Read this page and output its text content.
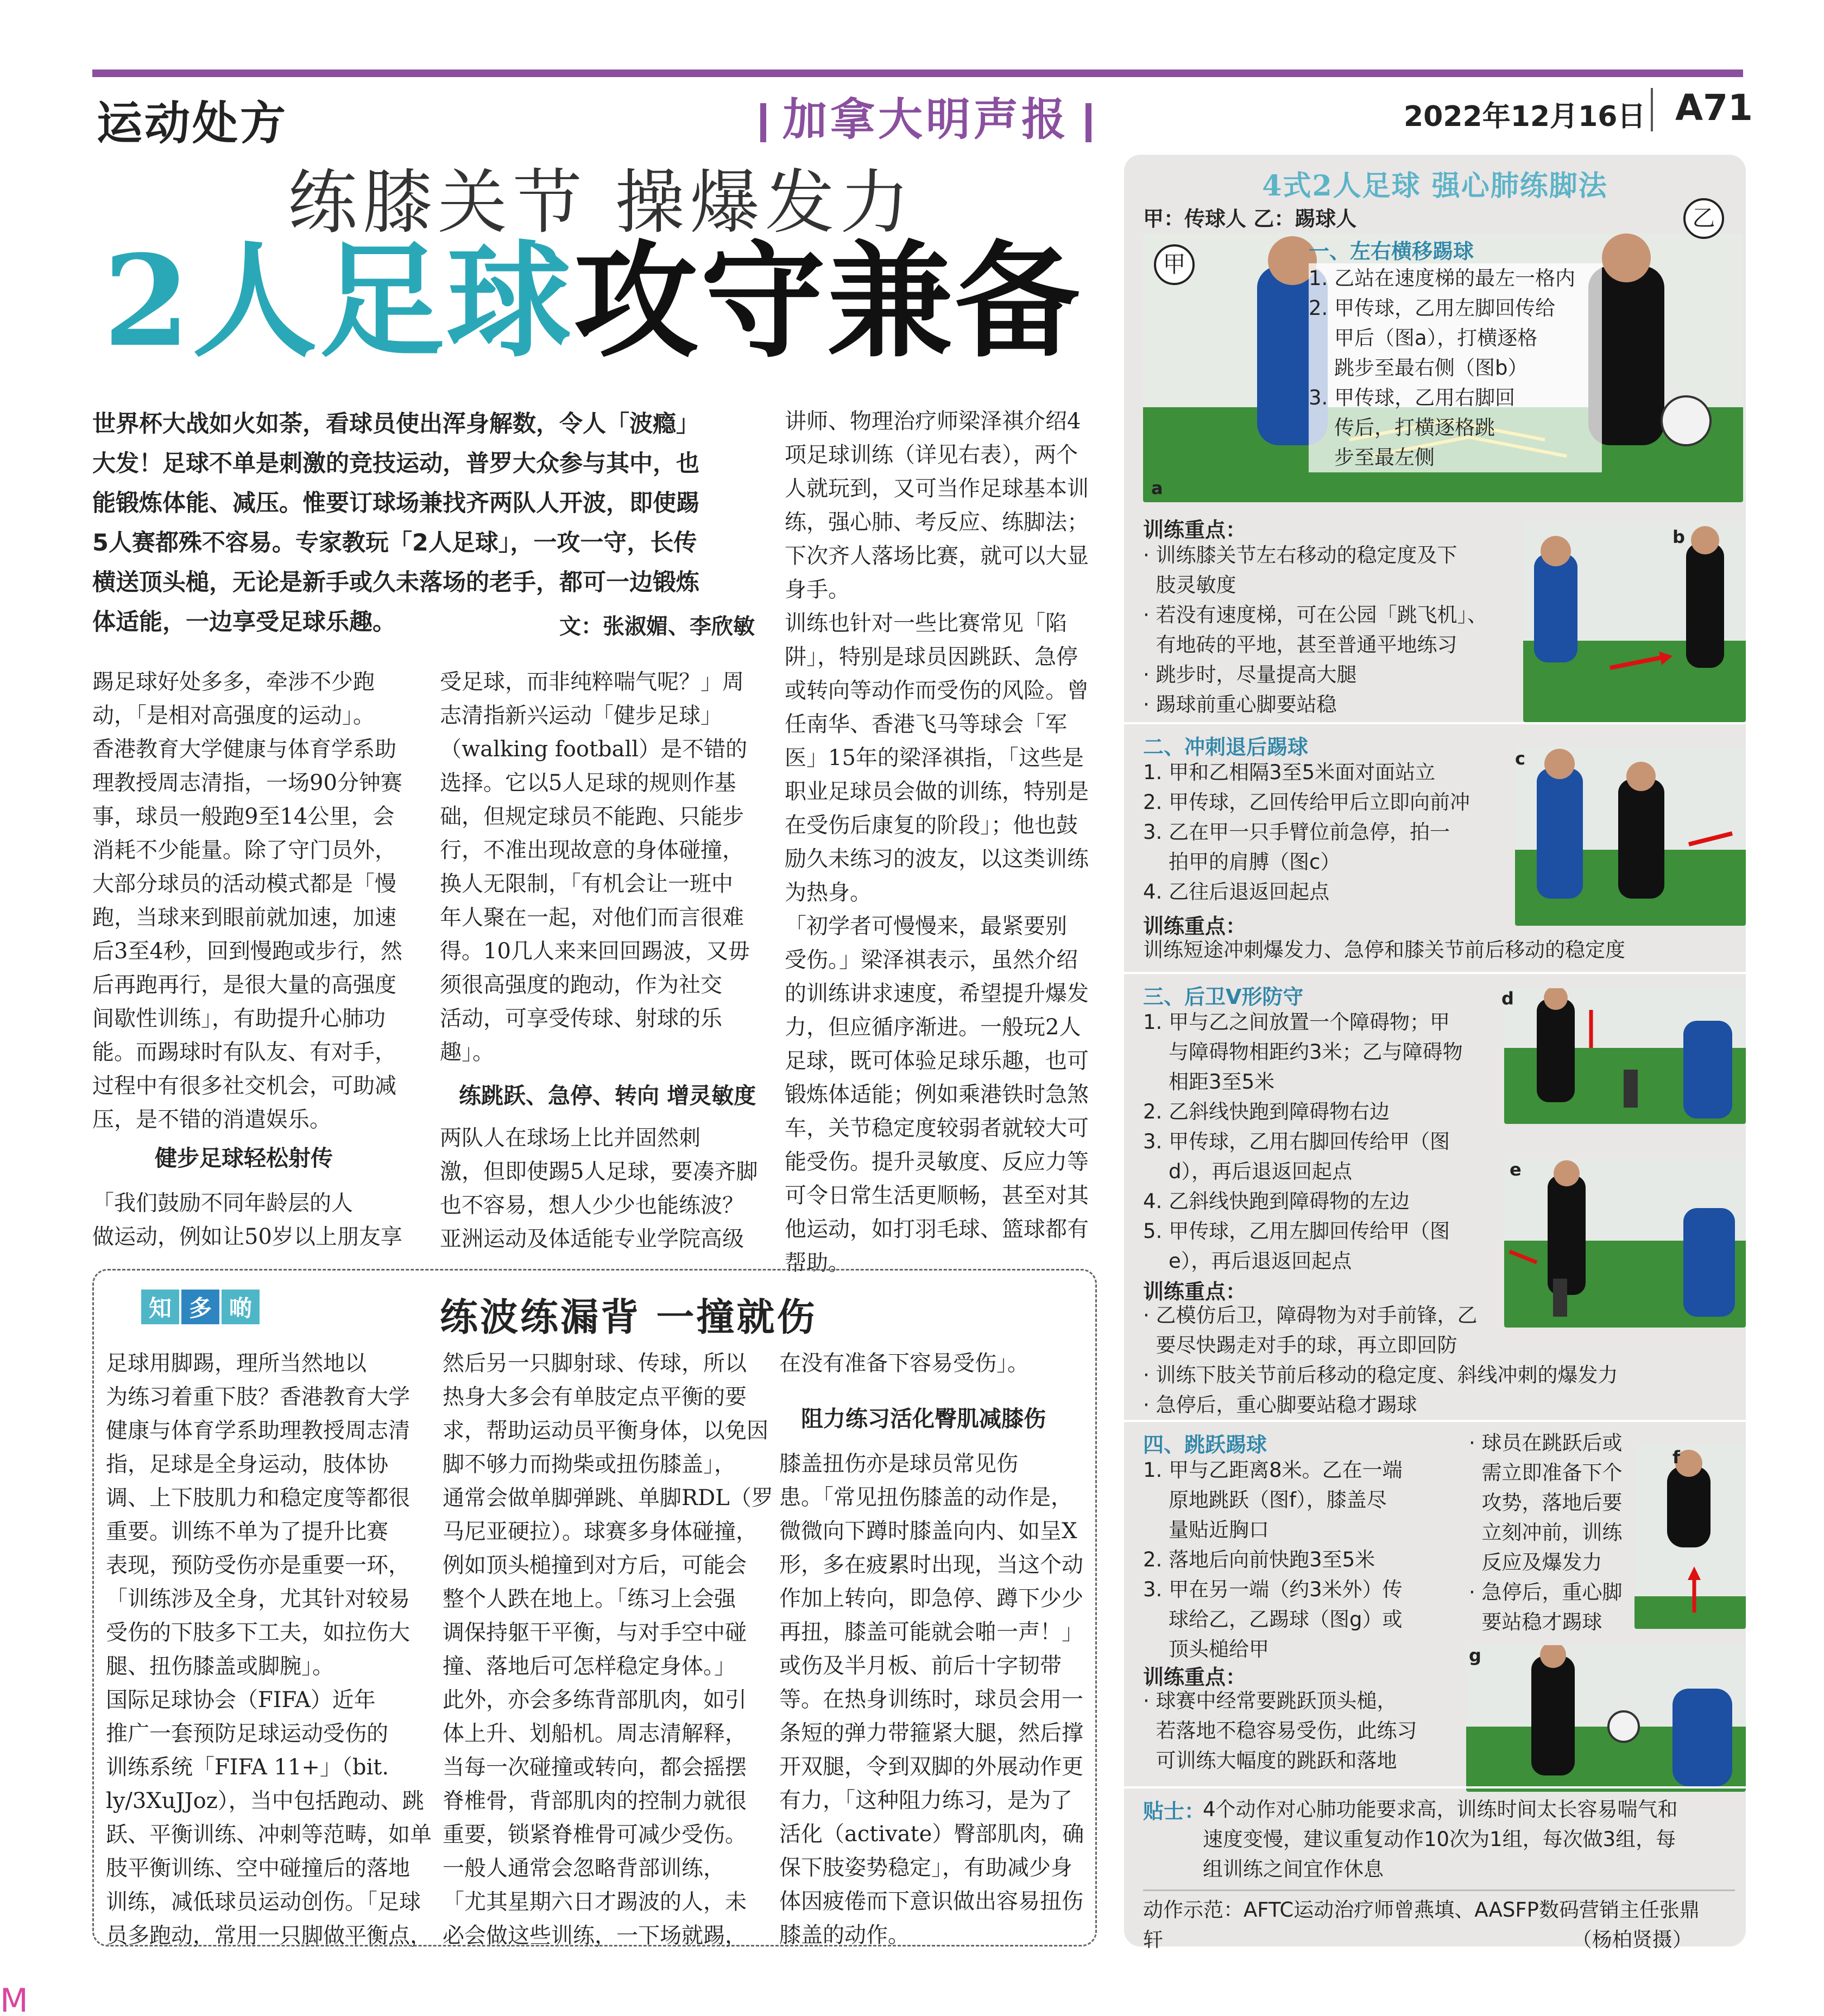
运动处方	加拿大明声报	2022年12月16日 A71
练膝关节 操爆发力
2人足球攻守兼备
世界杯大战如火如荼，看球员使出浑身解数，令人「波瘾」
大发！足球不单是刺激的竞技运动，普罗大众参与其中，也
能锻炼体能、减压。惟要订球场兼找齐两队人开波，即使踢
5人赛都殊不容易。专家教玩「2人足球」，一攻一守，长传
横送顶头槌，无论是新手或久未落场的老手，都可一边锻炼
体适能，一边享受足球乐趣。	文：张淑媚、李欣敏
踢足球好处多多，牵涉不少跑
动，「是相对高强度的运动」。
香港教育大学健康与体育学系助
理教授周志清指，一场90分钟赛
事，球员一般跑9至14公里，会
消耗不少能量。除了守门员外，
大部分球员的活动模式都是「慢
跑，当球来到眼前就加速，加速
后3至4秒，回到慢跑或步行，然
后再跑再行，是很大量的高强度
间歇性训练」，有助提升心肺功
能。而踢球时有队友、有对手，
过程中有很多社交机会，可助减
压，是不错的消遣娱乐。
健步足球轻松射传
「我们鼓励不同年龄层的人
做运动，例如让50岁以上朋友享
受足球，而非纯粹喘气呢？」周
志清指新兴运动「健步足球」
（walking football）是不错的
选择。它以5人足球的规则作基
础，但规定球员不能跑、只能步
行，不准出现故意的身体碰撞，
换人无限制，「有机会让一班中
年人聚在一起，对他们而言很难
得。10几人来来回回踢波，又毋
须很高强度的跑动，作为社交
活动，可享受传球、射球的乐
趣」。
练跳跃、急停、转向 增灵敏度
两队人在球场上比并固然刺
激，但即使踢5人足球，要凑齐脚
也不容易，想人少少也能练波？
亚洲运动及体适能专业学院高级
讲师、物理治疗师梁泽祺介绍4
项足球训练（详见右表），两个
人就玩到，又可当作足球基本训
练，强心肺、考反应、练脚法；
下次齐人落场比赛，就可以大显
身手。
训练也针对一些比赛常见「陷
阱」，特别是球员因跳跃、急停
或转向等动作而受伤的风险。曾
任南华、香港飞马等球会「军
医」15年的梁泽祺指，「这些是
职业足球员会做的训练，特别是
在受伤后康复的阶段」；他也鼓
励久未练习的波友，以这类训练
为热身。
「初学者可慢慢来，最紧要别
受伤。」梁泽祺表示，虽然介绍
的训练讲求速度，希望提升爆发
力，但应循序渐进。一般玩2人
足球，既可体验足球乐趣，也可
锻炼体适能；例如乘港铁时急煞
车，关节稳定度较弱者就较大可
能受伤。提升灵敏度、反应力等
可令日常生活更顺畅，甚至对其
他运动，如打羽毛球、篮球都有
帮助。
知 多 啲	练波练漏背 一撞就伤
足球用脚踢，理所当然地以
为练习着重下肢？香港教育大学
健康与体育学系助理教授周志清
指，足球是全身运动，肢体协
调、上下肢肌力和稳定度等都很
重要。训练不单为了提升比赛
表现，预防受伤亦是重要一环，
「训练涉及全身，尤其针对较易
受伤的下肢多下工夫，如拉伤大
腿、扭伤膝盖或脚腕」。
国际足球协会（FIFA）近年
推广一套预防足球运动受伤的
训练系统「FIFA 11+」（bit.
ly/3XuJJoz），当中包括跑动、跳
跃、平衡训练、冲刺等范畴，如单
肢平衡训练、空中碰撞后的落地
训练，减低球员运动创伤。「足球
员多跑动，常用一只脚做平衡点，
然后另一只脚射球、传球，所以
热身大多会有单肢定点平衡的要
求，帮助运动员平衡身体，以免因
脚不够力而拗柴或扭伤膝盖」，
通常会做单脚弹跳、单脚RDL（罗
马尼亚硬拉）。球赛多身体碰撞，
例如顶头槌撞到对方后，可能会
整个人跌在地上。「练习上会强
调保持躯干平衡，与对手空中碰
撞、落地后可怎样稳定身体。」
此外，亦会多练背部肌肉，如引
体上升、划船机。周志清解释，
当每一次碰撞或转向，都会摇摆
脊椎骨，背部肌肉的控制力就很
重要，锁紧脊椎骨可减少受伤。
一般人通常会忽略背部训练，
「尤其星期六日才踢波的人，未
必会做这些训练，一下场就踢，
在没有准备下容易受伤」。
阻力练习活化臀肌减膝伤
膝盖扭伤亦是球员常见伤
患。「常见扭伤膝盖的动作是，
微微向下蹲时膝盖向内、如呈X
形，多在疲累时出现，当这个动
作加上转向，即急停、蹲下少少
再扭，膝盖可能就会啪一声！」
或伤及半月板、前后十字韧带
等。在热身训练时，球员会用一
条短的弹力带箍紧大腿，然后撑
开双腿，令到双脚的外展动作更
有力，「这种阻力练习，是为了
活化（activate）臀部肌肉，确
保下肢姿势稳定」，有助减少身
体因疲倦而下意识做出容易扭伤
膝盖的动作。
4式2人足球 强心肺练脚法
甲：传球人 乙：踢球人
甲
乙
一、左右横移踢球
1. 乙站在速度梯的最左一格内
2. 甲传球，乙用左脚回传给
甲后（图a），打横逐格
跳步至最右侧（图b）
3. 甲传球，乙用右脚回
传后，打横逐格跳
步至最左侧
a
训练重点：
· 训练膝关节左右移动的稳定度及下
肢灵敏度
· 若没有速度梯，可在公园「跳飞机」、
有地砖的平地，甚至普通平地练习
· 跳步时，尽量提高大腿
· 踢球前重心脚要站稳
b
二、冲刺退后踢球
1. 甲和乙相隔3至5米面对面站立
2. 甲传球，乙回传给甲后立即向前冲
3. 乙在甲一只手臂位前急停，拍一
拍甲的肩膊（图c）
4. 乙往后退返回起点
c
训练重点：
训练短途冲刺爆发力、急停和膝关节前后移动的稳定度
三、后卫V形防守
1. 甲与乙之间放置一个障碍物；甲
与障碍物相距约3米；乙与障碍物
相距3至5米
2. 乙斜线快跑到障碍物右边
3. 甲传球，乙用右脚回传给甲（图
d），再后退返回起点
4. 乙斜线快跑到障碍物的左边
5. 甲传球，乙用左脚回传给甲（图
e），再后退返回起点
d
e
训练重点：
· 乙模仿后卫，障碍物为对手前锋，乙
要尽快踢走对手的球，再立即回防
· 训练下肢关节前后移动的稳定度、斜线冲刺的爆发力
· 急停后，重心脚要站稳才踢球
四、跳跃踢球
1. 甲与乙距离8米。乙在一端
原地跳跃（图f），膝盖尽
量贴近胸口
2. 落地后向前快跑3至5米
3. 甲在另一端（约3米外）传
球给乙，乙踢球（图g）或
顶头槌给甲
· 球员在跳跃后或
需立即准备下个
攻势，落地后要
立刻冲前，训练
反应及爆发力
· 急停后，重心脚
要站稳才踢球
f
g
训练重点：
· 球赛中经常要跳跃顶头槌，
若落地不稳容易受伤，此练习
可训练大幅度的跳跃和落地
贴士：
4个动作对心肺功能要求高，训练时间太长容易喘气和
速度变慢，建议重复动作10次为1组，每次做3组，每
组训练之间宜作休息
动作示范：AFTC运动治疗师曾燕填、AASFP数码营销主任张鼎
轩                                                                （杨柏贤摄）
M
